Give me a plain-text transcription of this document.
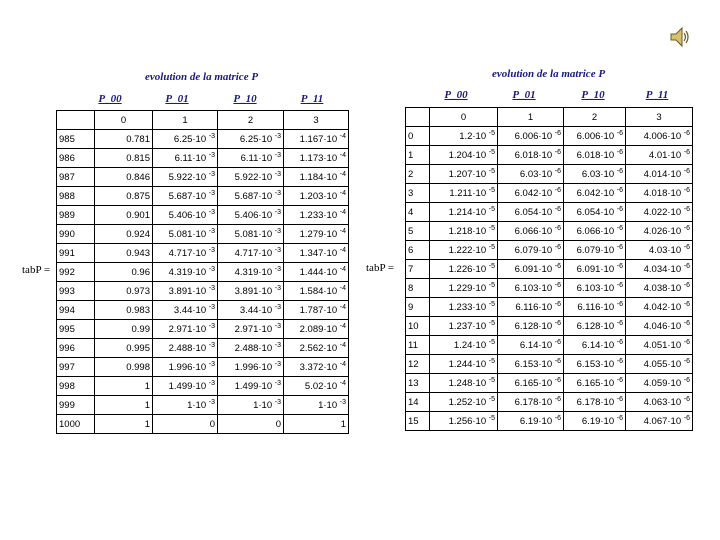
evolution de la matrice P
P_00	P_01	P_10	P_11
tabP =
	0	1	2	3
985	0.781	6.25·10 $^{-3}$	6.25·10 $^{-3}$	1.167·10 $^{-4}$
986	0.815	6.11·10 $^{-3}$	6.11·10 $^{-3}$	1.173·10 $^{-4}$
987	0.846	5.922·10 $^{-3}$	5.922·10 $^{-3}$	1.184·10 $^{-4}$
988	0.875	5.687·10 $^{-3}$	5.687·10 $^{-3}$	1.203·10 $^{-4}$
989	0.901	5.406·10 $^{-3}$	5.406·10 $^{-3}$	1.233·10 $^{-4}$
990	0.924	5.081·10 $^{-3}$	5.081·10 $^{-3}$	1.279·10 $^{-4}$
991	0.943	4.717·10 $^{-3}$	4.717·10 $^{-3}$	1.347·10 $^{-4}$
992	0.96	4.319·10 $^{-3}$	4.319·10 $^{-3}$	1.444·10 $^{-4}$
993	0.973	3.891·10 $^{-3}$	3.891·10 $^{-3}$	1.584·10 $^{-4}$
994	0.983	3.44·10 $^{-3}$	3.44·10 $^{-3}$	1.787·10 $^{-4}$
995	0.99	2.971·10 $^{-3}$	2.971·10 $^{-3}$	2.089·10 $^{-4}$
996	0.995	2.488·10 $^{-3}$	2.488·10 $^{-3}$	2.562·10 $^{-4}$
997	0.998	1.996·10 $^{-3}$	1.996·10 $^{-3}$	3.372·10 $^{-4}$
998	1	1.499·10 $^{-3}$	1.499·10 $^{-3}$	5.02·10 $^{-4}$
999	1	1·10 $^{-3}$	1·10 $^{-3}$	1·10 $^{-3}$
1000	1	0	0	1
evolution de la matrice P
P_00	P_01	P_10	P_11
tabP =
	0	1	2	3
0	1.2·10 $^{-5}$	6.006·10 $^{-6}$	6.006·10 $^{-6}$	4.006·10 $^{-6}$
1	1.204·10 $^{-5}$	6.018·10 $^{-6}$	6.018·10 $^{-6}$	4.01·10 $^{-6}$
2	1.207·10 $^{-5}$	6.03·10 $^{-6}$	6.03·10 $^{-6}$	4.014·10 $^{-6}$
3	1.211·10 $^{-5}$	6.042·10 $^{-6}$	6.042·10 $^{-6}$	4.018·10 $^{-6}$
4	1.214·10 $^{-5}$	6.054·10 $^{-6}$	6.054·10 $^{-6}$	4.022·10 $^{-6}$
5	1.218·10 $^{-5}$	6.066·10 $^{-6}$	6.066·10 $^{-6}$	4.026·10 $^{-6}$
6	1.222·10 $^{-5}$	6.079·10 $^{-6}$	6.079·10 $^{-6}$	4.03·10 $^{-6}$
7	1.226·10 $^{-5}$	6.091·10 $^{-6}$	6.091·10 $^{-6}$	4.034·10 $^{-6}$
8	1.229·10 $^{-5}$	6.103·10 $^{-6}$	6.103·10 $^{-6}$	4.038·10 $^{-6}$
9	1.233·10 $^{-5}$	6.116·10 $^{-6}$	6.116·10 $^{-6}$	4.042·10 $^{-6}$
10	1.237·10 $^{-5}$	6.128·10 $^{-6}$	6.128·10 $^{-6}$	4.046·10 $^{-6}$
11	1.24·10 $^{-5}$	6.14·10 $^{-6}$	6.14·10 $^{-6}$	4.051·10 $^{-6}$
12	1.244·10 $^{-5}$	6.153·10 $^{-6}$	6.153·10 $^{-6}$	4.055·10 $^{-6}$
13	1.248·10 $^{-5}$	6.165·10 $^{-6}$	6.165·10 $^{-6}$	4.059·10 $^{-6}$
14	1.252·10 $^{-5}$	6.178·10 $^{-6}$	6.178·10 $^{-6}$	4.063·10 $^{-6}$
15	1.256·10 $^{-5}$	6.19·10 $^{-6}$	6.19·10 $^{-6}$	4.067·10 $^{-6}$
